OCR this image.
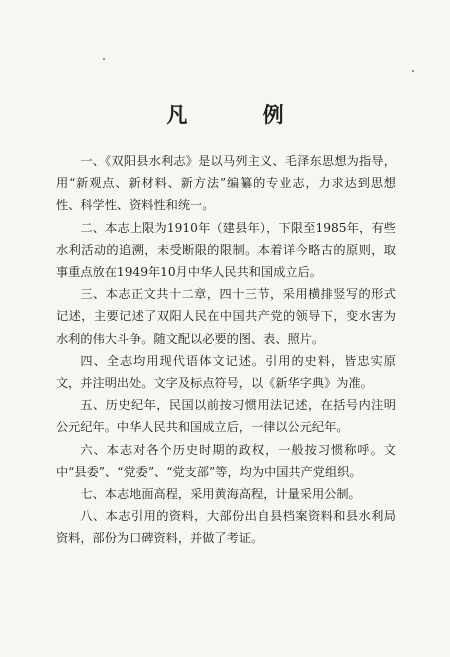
凡 例

一、《双阳县水利志》是以马列主义、毛泽东思想为指导，用“新观点、新材料、新方法”编纂的专业志，力求达到思想性、科学性、资料性和统一。

二、本志上限为1910年（建县年），下限至1985年，有些水利活动的追溯，未受断限的限制。本着详今略古的原则，取事重点放在1949年10月中华人民共和国成立后。

三、本志正文共十二章，四十三节，采用横排竖写的形式记述，主要记述了双阳人民在中国共产党的领导下，变水害为水利的伟大斗争。随文配以必要的图、表、照片。

四、全志均用现代语体文记述。引用的史料，皆忠实原文，并注明出处。文字及标点符号，以《新华字典》为准。

五、历史纪年，民国以前按习惯用法记述，在括号内注明公元纪年。中华人民共和国成立后，一律以公元纪年。

六、本志对各个历史时期的政权，一般按习惯称呼。文中“县委”、“党委”、“党支部”等，均为中国共产党组织。

七、本志地面高程，采用黄海高程，计量采用公制。

八、本志引用的资料，大部份出自县档案资料和县水利局资料，部份为口碑资料，并做了考证。
